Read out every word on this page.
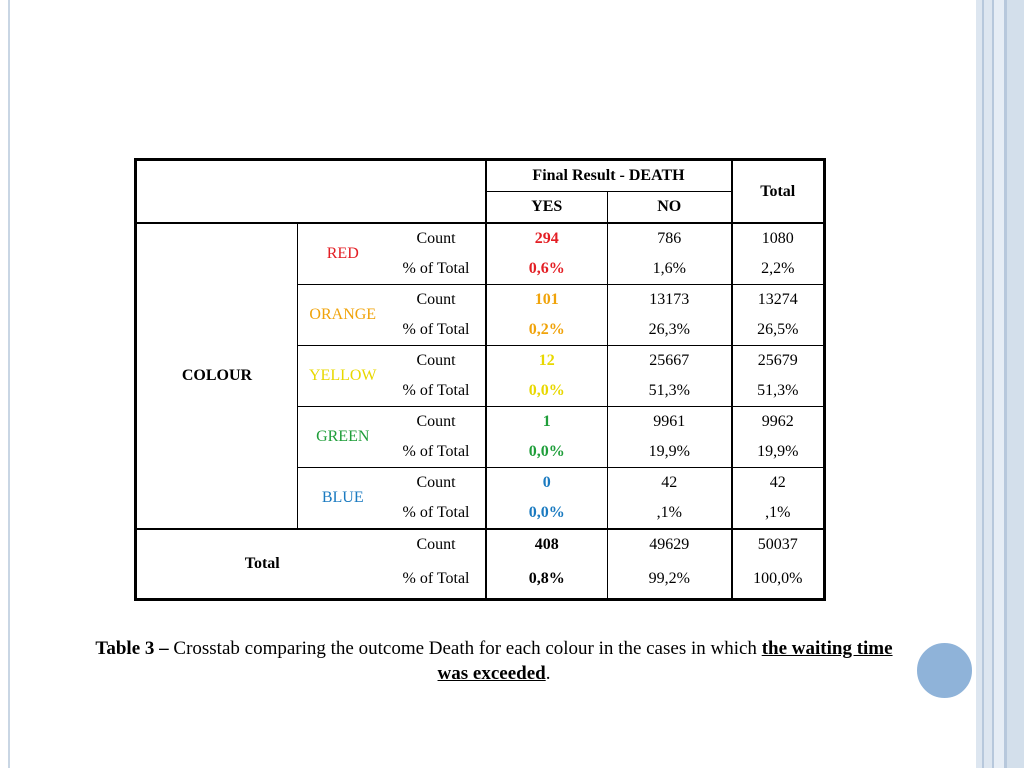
			Final Result - DEATH		Total
			YES	NO	
COLOUR	RED	Count	294	786	1080
		% of Total	0,6%	1,6%	2,2%
	ORANGE	Count	101	13173	13274
		% of Total	0,2%	26,3%	26,5%
	YELLOW	Count	12	25667	25679
		% of Total	0,0%	51,3%	51,3%
	GREEN	Count	1	9961	9962
		% of Total	0,0%	19,9%	19,9%
	BLUE	Count	0	42	42
		% of Total	0,0%	,1%	,1%
Total		Count	408	49629	50037
		% of Total	0,8%	99,2%	100,0%
Table 3 – Crosstab comparing the outcome Death for each colour in the cases in which the waiting time was exceeded.
